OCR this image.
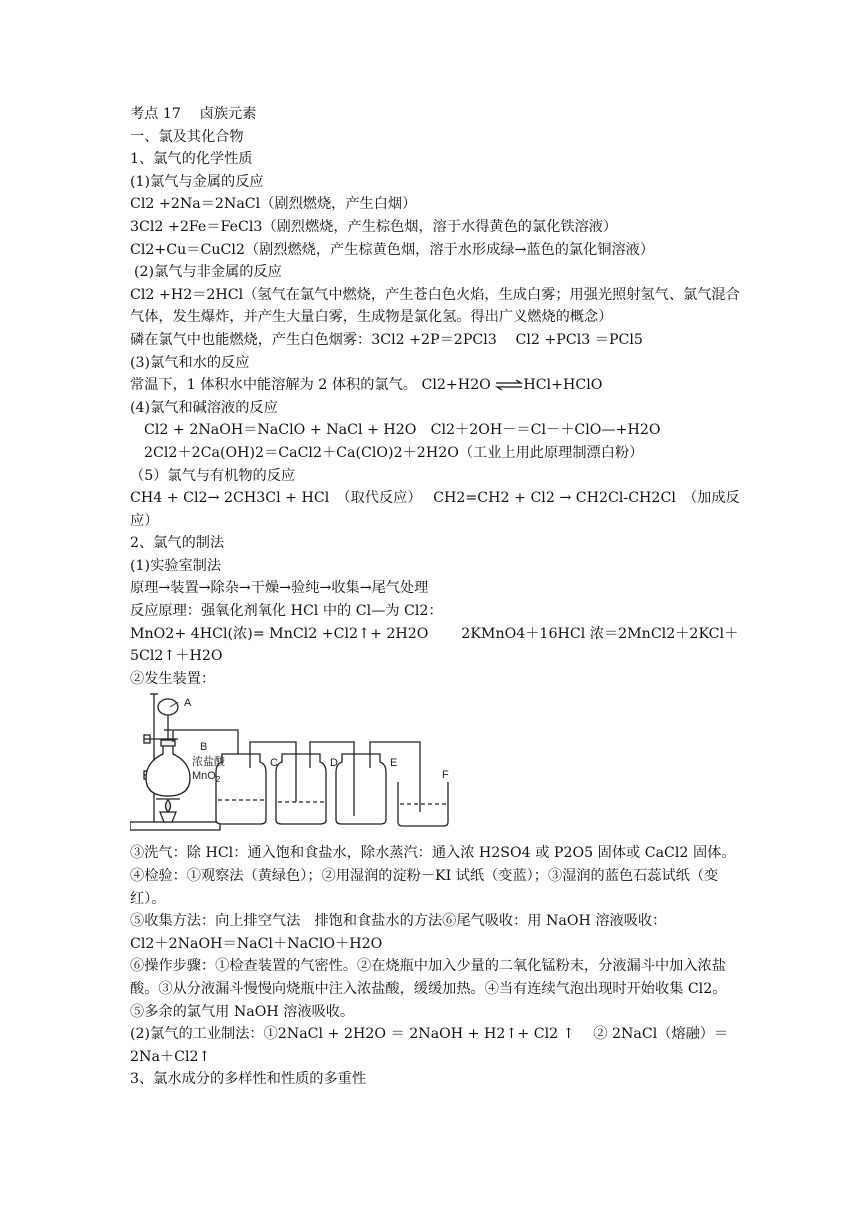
考点 17　 卤族元素
一、氯及其化合物
1、氯气的化学性质
(1)氯气与金属的反应
Cl2 +2Na＝2NaCl（剧烈燃烧，产生白烟）
3Cl2 +2Fe＝FeCl3（剧烈燃烧，产生棕色烟，溶于水得黄色的氯化铁溶液）
Cl2+Cu＝CuCl2（剧烈燃烧，产生棕黄色烟，溶于水形成绿→蓝色的氯化铜溶液）
(2)氯气与非金属的反应
Cl2 +H2＝2HCl（氢气在氯气中燃烧，产生苍白色火焰，生成白雾；用强光照射氢气、氯气混合气体，发生爆炸，并产生大量白雾，生成物是氯化氢。得出广义燃烧的概念）
磷在氯气中也能燃烧，产生白色烟雾：3Cl2 +2P＝2PCl3　 Cl2 +PCl3 ＝PCl5
(3)氯气和水的反应
常温下，1 体积水中能溶解为 2 体积的氯气。 Cl2+H2O ⇌HCl+HClO
(4)氯气和碱溶液的反应
Cl2 + 2NaOH＝NaClO + NaCl + H2O　Cl2＋2OH－＝Cl－＋ClO—+H2O
2Cl2＋2Ca(OH)2＝CaCl2＋Ca(ClO)2＋2H2O（工业上用此原理制漂白粉）
（5）氯气与有机物的反应
CH4 + Cl2→ 2CH3Cl + HCl　（取代反应）　 CH2=CH2 + Cl2 → CH2Cl-CH2Cl　（加成反应）
2、氯气的制法
(1)实验室制法
原理→装置→除杂→干燥→验纯→收集→尾气处理
反应原理：强氧化剂氧化 HCl 中的 Cl—为 Cl2：
MnO2+ 4HCl(浓)= MnCl2 +Cl2↑+ 2H2O　　 2KMnO4＋16HCl 浓＝2MnCl2＋2KCl＋5Cl2↑＋H2O
②发生装置：
A
B
浓盐酸
MnO$_2$
C	D	E
F
③洗气：除 HCl：通入饱和食盐水，除水蒸汽：通入浓 H2SO4 或 P2O5 固体或 CaCl2 固体。
④检验：①观察法（黄绿色）；②用湿润的淀粉－KI 试纸（变蓝）；③湿润的蓝色石蕊试纸（变红）。
⑤收集方法：向上排空气法　排饱和食盐水的方法⑥尾气吸收：用 NaOH 溶液吸收：
Cl2＋2NaOH＝NaCl＋NaClO＋H2O
⑥操作步骤：①检查装置的气密性。②在烧瓶中加入少量的二氧化锰粉末，分液漏斗中加入浓盐酸。③从分液漏斗慢慢向烧瓶中注入浓盐酸，缓缓加热。④当有连续气泡出现时开始收集 Cl2。⑤多余的氯气用 NaOH 溶液吸收。
(2)氯气的工业制法：①2NaCl + 2H2O ＝ 2NaOH + H2↑+ Cl2 ↑　 ② 2NaCl（熔融）＝ 2Na＋Cl2↑
3、氯水成分的多样性和性质的多重性
